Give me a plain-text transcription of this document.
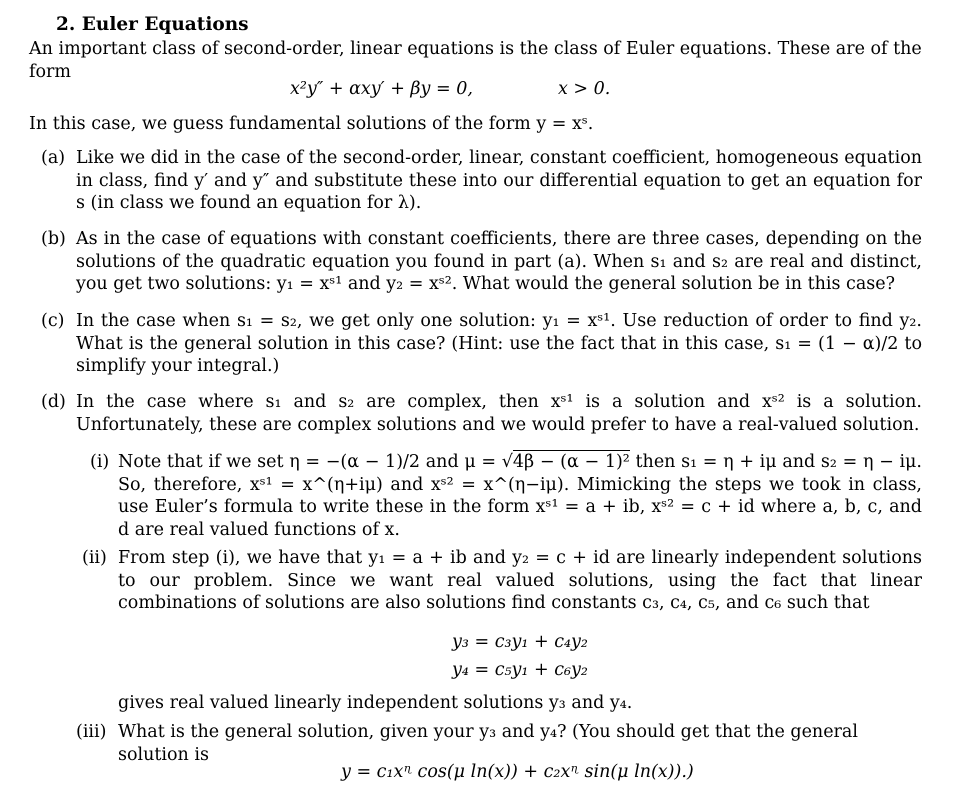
2. Euler Equations

An important class of second-order, linear equations is the class of Euler equations. These are of the form

x²y″ + αxy′ + βy = 0,	x > 0.

In this case, we guess fundamental solutions of the form y = xˢ.

(a) Like we did in the case of the second-order, linear, constant coefficient, homogeneous equation in class, find y′ and y″ and substitute these into our differential equation to get an equation for s (in class we found an equation for λ).

(b) As in the case of equations with constant coefficients, there are three cases, depending on the solutions of the quadratic equation you found in part (a). When s₁ and s₂ are real and distinct, you get two solutions: y₁ = xˢ¹ and y₂ = xˢ². What would the general solution be in this case?

(c) In the case when s₁ = s₂, we get only one solution: y₁ = xˢ¹. Use reduction of order to find y₂. What is the general solution in this case? (Hint: use the fact that in this case, s₁ = (1 − α)/2 to simplify your integral.)

(d) In the case where s₁ and s₂ are complex, then xˢ¹ is a solution and xˢ² is a solution. Unfortunately, these are complex solutions and we would prefer to have a real-valued solution.

(i) Note that if we set η = −(α − 1)/2 and μ = √4β − (α − 1)² then s₁ = η + iμ and s₂ = η − iμ. So, therefore, xˢ¹ = x^(η+iμ) and xˢ² = x^(η−iμ). Mimicking the steps we took in class, use Euler’s formula to write these in the form xˢ¹ = a + ib, xˢ² = c + id where a, b, c, and d are real valued functions of x.

(ii) From step (i), we have that y₁ = a + ib and y₂ = c + id are linearly independent solutions to our problem. Since we want real valued solutions, using the fact that linear combinations of solutions are also solutions find constants c₃, c₄, c₅, and c₆ such that

y₃ = c₃y₁ + c₄y₂
y₄ = c₅y₁ + c₆y₂

gives real valued linearly independent solutions y₃ and y₄.

(iii) What is the general solution, given your y₃ and y₄? (You should get that the general solution is

y = c₁xᶯ cos(μ ln(x)) + c₂xᶯ sin(μ ln(x)).)
